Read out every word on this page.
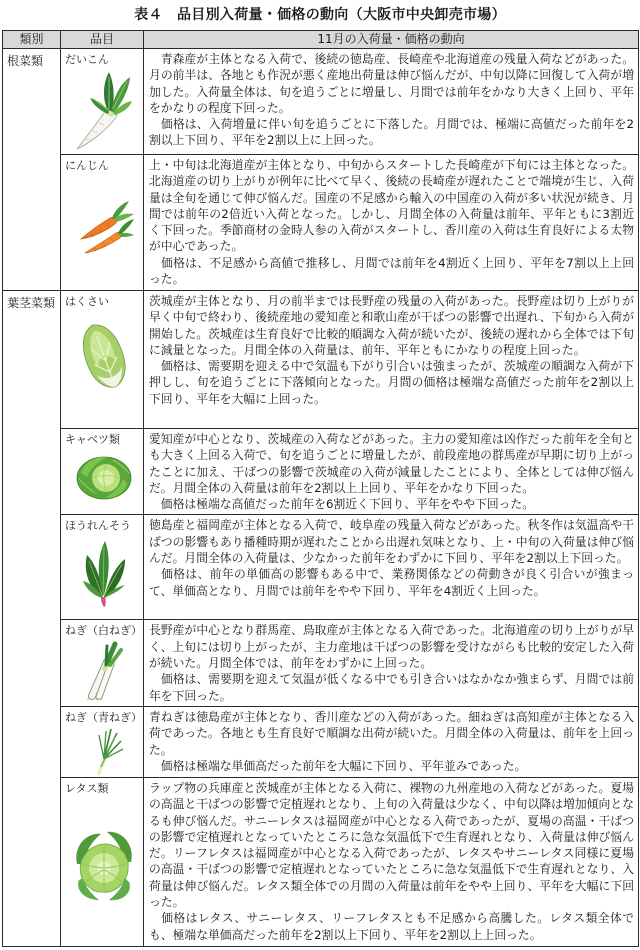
表４　品目別入荷量・価格の動向（大阪市中央卸売市場）
類別	品目	11月の入荷量・価格の動向
根菜類	だいこん	　青森産が主体となる入荷で、後続の徳島産、長崎産や北海道産の残量入荷などがあった。月の前半は、各地とも作況が悪く産地出荷量は伸び悩んだが、中旬以降に回復して入荷が増加した。入荷量全体は、旬を追うごとに増量し、月間では前年をかなり大きく上回り、平年をかなりの程度下回った。

　価格は、入荷増量に伴い旬を追うごとに下落した。月間では、極端に高値だった前年を2割以上下回り、平年を2割以上に上回った。

	にんじん	上・中旬は北海道産が主体となり、中旬からスタートした長崎産が下旬には主体となった。北海道産の切り上がりが例年に比べて早く、後続の長崎産が遅れたことで端境が生じ、入荷量は全旬を通じて伸び悩んだ。国産の不足感から輸入の中国産の入荷が多い状況が続き、月間では前年の2倍近い入荷となった。しかし、月間全体の入荷量は前年、平年ともに3割近く下回った。季節商材の金時人参の入荷がスタートし、香川産の入荷は生育良好による太物が中心であった。

　価格は、不足感から高値で推移し、月間では前年を4割近く上回り、平年を7割以上上回った。

葉茎菜類	はくさい	茨城産が主体となり、月の前半までは長野産の残量の入荷があった。長野産は切り上がりが早く中旬で終わり、後続産地の愛知産と和歌山産が干ばつの影響で出遅れ、下旬から入荷が開始した。茨城産は生育良好で比較的順調な入荷が続いたが、後続の遅れから全体では下旬に減量となった。月間全体の入荷量は、前年、平年ともにかなりの程度上回った。

　価格は、需要期を迎える中で気温も下がり引合いは強まったが、茨城産の順調な入荷が下押しし、旬を追うごとに下落傾向となった。月間の価格は極端な高値だった前年を2割以上下回り、平年を大幅に上回った。

	キャベツ類	愛知産が中心となり、茨城産の入荷などがあった。主力の愛知産は凶作だった前年を全旬とも大きく上回る入荷で、旬を追うごとに増量したが、前段産地の群馬産が早期に切り上がったことに加え、干ばつの影響で茨城産の入荷が減量したことにより、全体としては伸び悩んだ。月間全体の入荷量は前年を2割以上上回り、平年をかなり下回った。

　価格は極端な高値だった前年を6割近く下回り、平年をやや下回った。

	ほうれんそう	徳島産と福岡産が主体となる入荷で、岐阜産の残量入荷などがあった。秋冬作は気温高や干ばつの影響もあり播種時期が遅れたことから出遅れ気味となり、上・中旬の入荷量は伸び悩んだ。月間全体の入荷量は、少なかった前年をわずかに下回り、平年を2割以上下回った。

　価格は、前年の単価高の影響もある中で、業務関係などの荷動きが良く引合いが強まって、単価高となり、月間では前年をやや下回り、平年を4割近く上回った。

	ねぎ（白ねぎ）	長野産が中心となり群馬産、鳥取産が主体となる入荷であった。北海道産の切り上がりが早く、上旬には切り上がったが、主力産地は干ばつの影響を受けながらも比較的安定した入荷が続いた。月間全体では、前年をわずかに上回った。

　価格は、需要期を迎えて気温が低くなる中でも引き合いはなかなか強まらず、月間では前年を下回った。

	ねぎ（青ねぎ）	青ねぎは徳島産が主体となり、香川産などの入荷があった。細ねぎは高知産が主体となる入荷であった。各地とも生育良好で順調な出荷が続いた。月間全体の入荷量は、前年を上回った。

　価格は極端な単価高だった前年を大幅に下回り、平年並みであった。

	レタス類	ラップ物の兵庫産と茨城産が主体となる入荷に、裸物の九州産地の入荷などがあった。夏場の高温と干ばつの影響で定植遅れとなり、上旬の入荷量は少なく、中旬以降は増加傾向となるも伸び悩んだ。サニーレタスは福岡産が中心となる入荷であったが、夏場の高温・干ばつの影響で定植遅れとなっていたところに急な気温低下で生育遅れとなり、入荷量は伸び悩んだ。リーフレタスは福岡産が中心となる入荷であったが、レタスやサニーレタス同様に夏場の高温・干ばつの影響で定植遅れとなっていたところに急な気温低下で生育遅れとなり、入荷量は伸び悩んだ。レタス類全体での月間の入荷量は前年をやや上回り、平年を大幅に下回った。

　価格はレタス、サニーレタス、リーフレタスとも不足感から高騰した。レタス類全体でも、極端な単価高だった前年を2割以上下回り、平年を2割以上上回った。
